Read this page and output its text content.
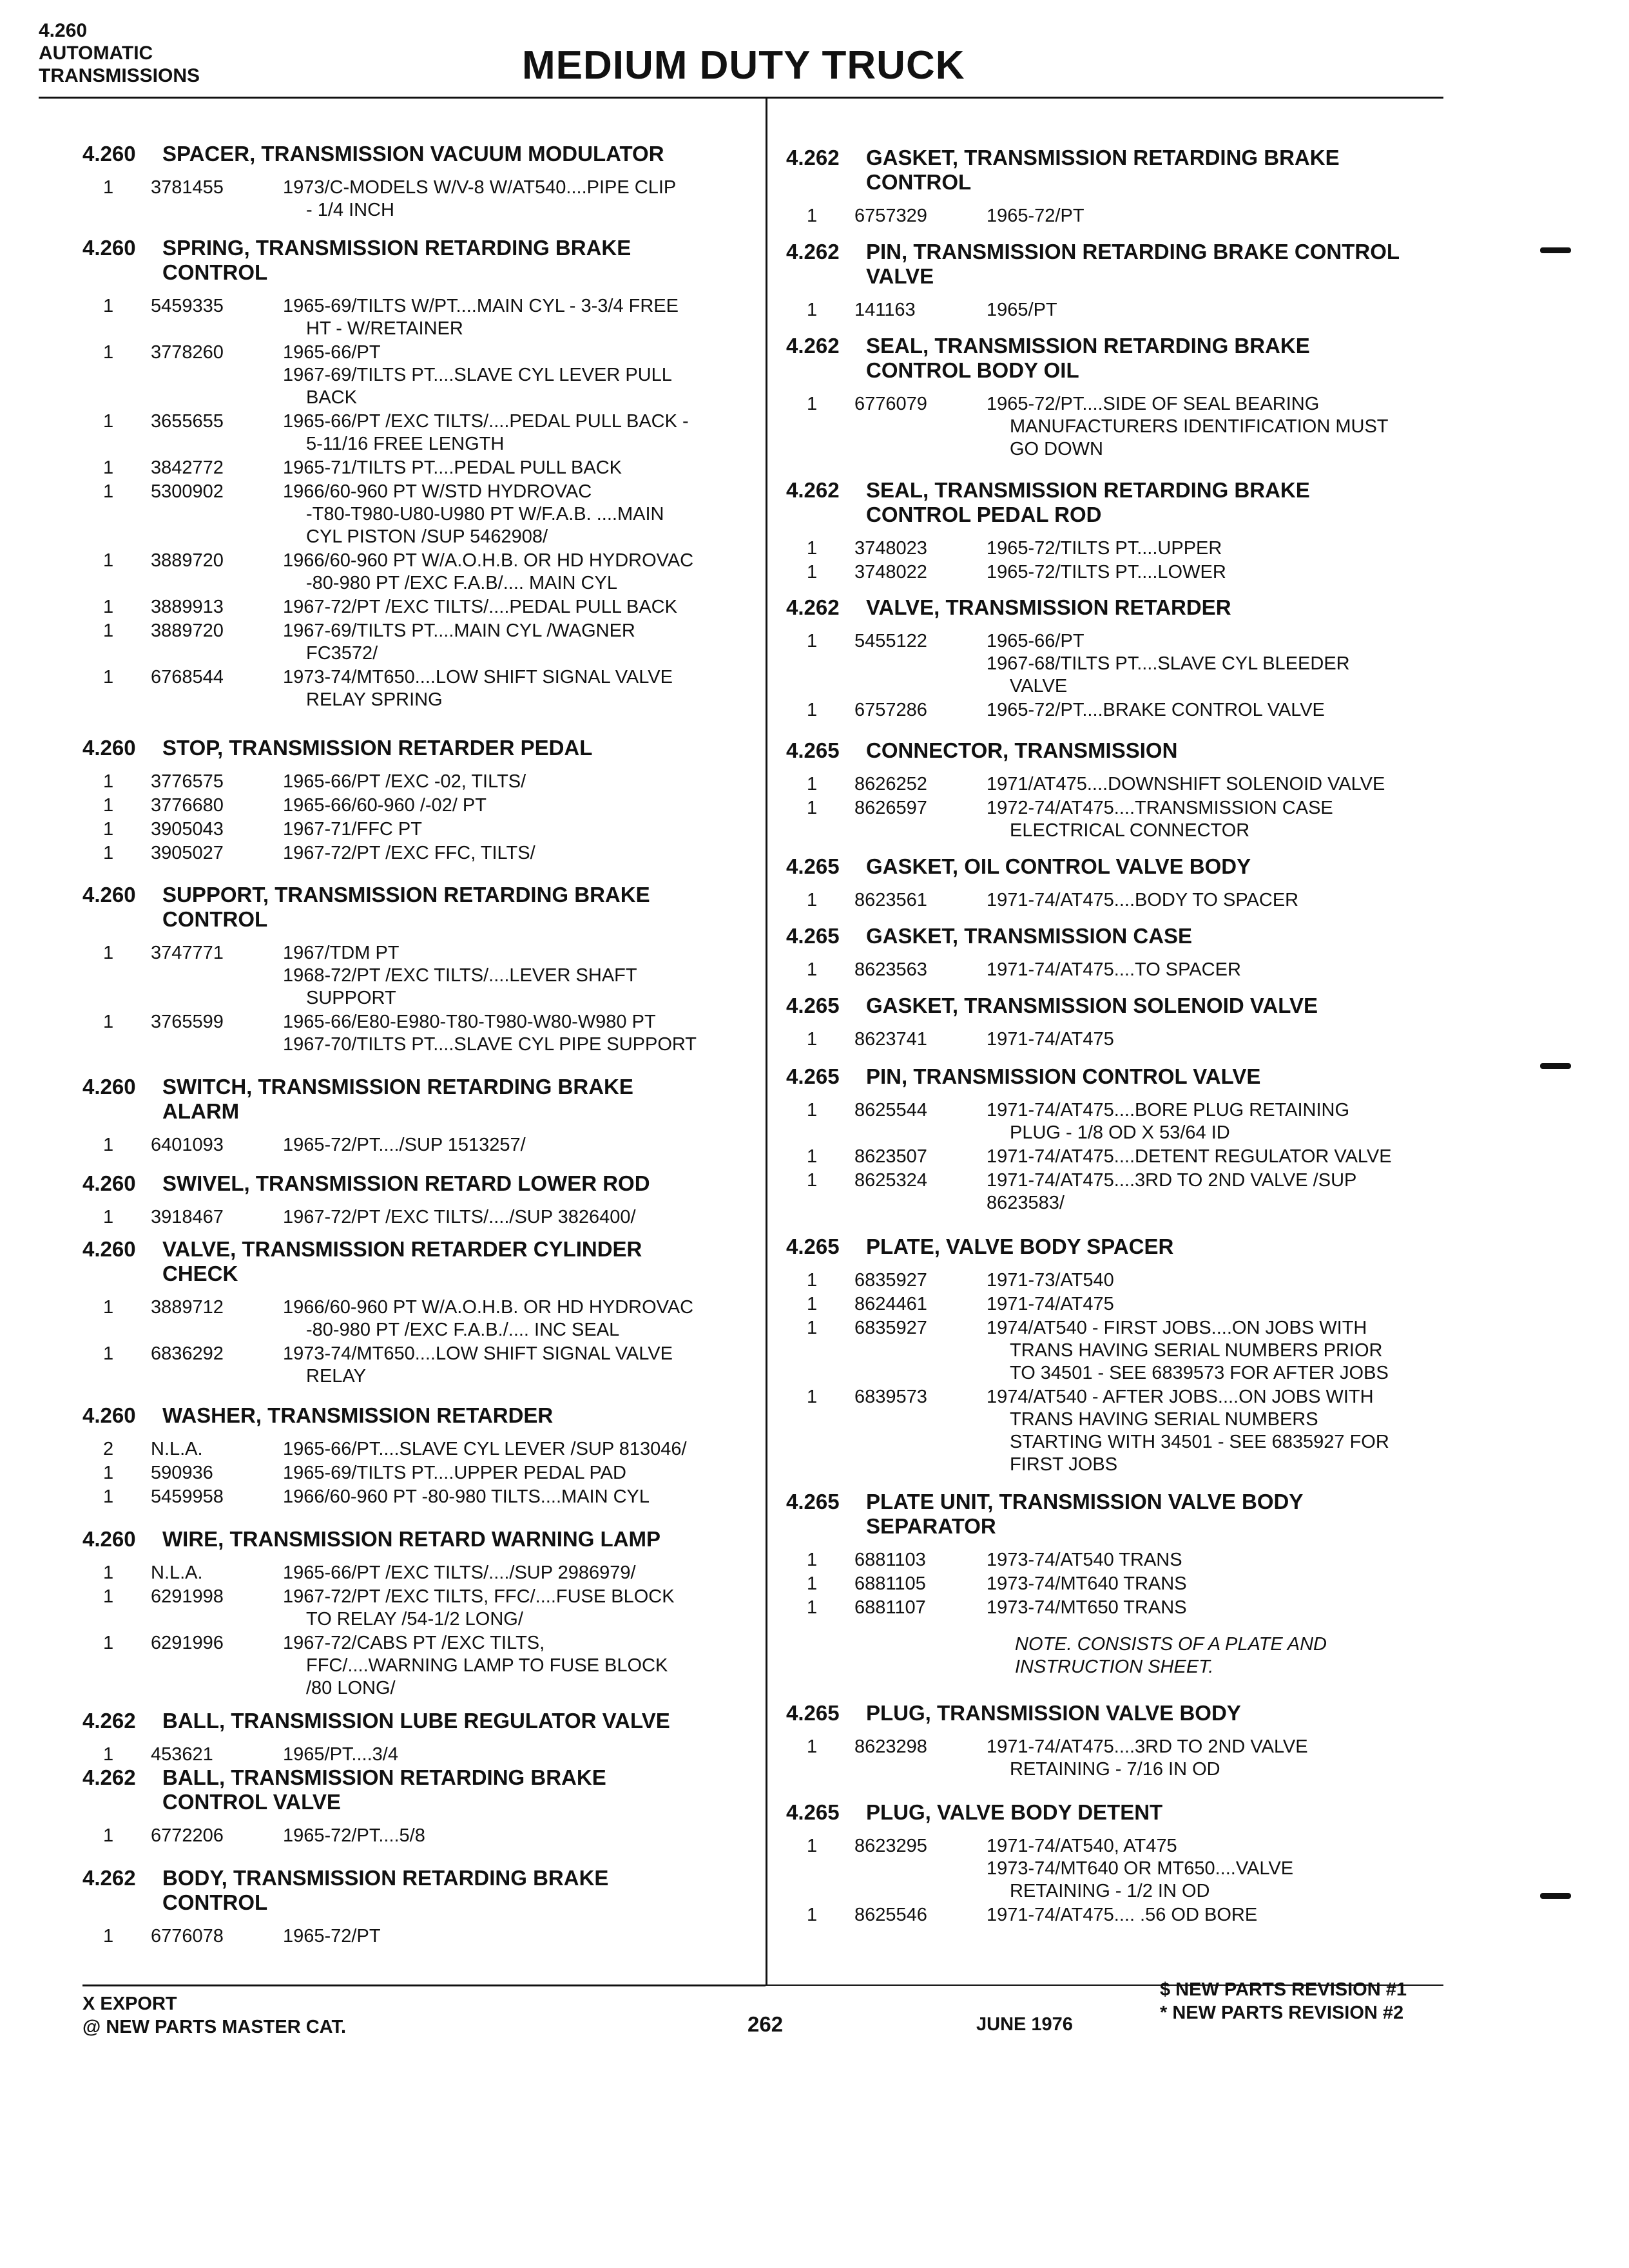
4.260
AUTOMATIC
TRANSMISSIONS	MEDIUM DUTY TRUCK
4.260	SPACER, TRANSMISSION VACUUM MODULATOR
1	3781455	1973/C-MODELS W/V-8 W/AT540....PIPE CLIP
- 1/4 INCH
4.260	SPRING, TRANSMISSION RETARDING BRAKE
CONTROL
1	5459335	1965-69/TILTS W/PT....MAIN CYL - 3-3/4 FREE
HT - W/RETAINER
1	3778260	1965-66/PT
1967-69/TILTS PT....SLAVE CYL LEVER PULL
BACK
1	3655655	1965-66/PT /EXC TILTS/....PEDAL PULL BACK -
5-11/16 FREE LENGTH
1	3842772	1965-71/TILTS PT....PEDAL PULL BACK
1	5300902	1966/60-960 PT W/STD HYDROVAC
-T80-T980-U80-U980 PT W/F.A.B. ....MAIN
CYL PISTON /SUP 5462908/
1	3889720	1966/60-960 PT W/A.O.H.B. OR HD HYDROVAC
-80-980 PT /EXC F.A.B/.... MAIN CYL
1	3889913	1967-72/PT /EXC TILTS/....PEDAL PULL BACK
1	3889720	1967-69/TILTS PT....MAIN CYL /WAGNER
FC3572/
1	6768544	1973-74/MT650....LOW SHIFT SIGNAL VALVE
RELAY SPRING
4.260	STOP, TRANSMISSION RETARDER PEDAL
1	3776575	1965-66/PT /EXC -02, TILTS/
1	3776680	1965-66/60-960 /-02/ PT
1	3905043	1967-71/FFC PT
1	3905027	1967-72/PT /EXC FFC, TILTS/
4.260	SUPPORT, TRANSMISSION RETARDING BRAKE
CONTROL
1	3747771	1967/TDM PT
1968-72/PT /EXC TILTS/....LEVER SHAFT
SUPPORT
1	3765599	1965-66/E80-E980-T80-T980-W80-W980 PT
1967-70/TILTS PT....SLAVE CYL PIPE SUPPORT
4.260	SWITCH, TRANSMISSION RETARDING BRAKE
ALARM
1	6401093	1965-72/PT..../SUP 1513257/
4.260	SWIVEL, TRANSMISSION RETARD LOWER ROD
1	3918467	1967-72/PT /EXC TILTS/..../SUP 3826400/
4.260	VALVE, TRANSMISSION RETARDER CYLINDER
CHECK
1	3889712	1966/60-960 PT W/A.O.H.B. OR HD HYDROVAC
-80-980 PT /EXC F.A.B./.... INC SEAL
1	6836292	1973-74/MT650....LOW SHIFT SIGNAL VALVE
RELAY
4.260	WASHER, TRANSMISSION RETARDER
2	N.L.A.	1965-66/PT....SLAVE CYL LEVER /SUP 813046/
1	590936	1965-69/TILTS PT....UPPER PEDAL PAD
1	5459958	1966/60-960 PT -80-980 TILTS....MAIN CYL
4.260	WIRE, TRANSMISSION RETARD WARNING LAMP
1	N.L.A.	1965-66/PT /EXC TILTS/..../SUP 2986979/
1	6291998	1967-72/PT /EXC TILTS, FFC/....FUSE BLOCK
TO RELAY /54-1/2 LONG/
1	6291996	1967-72/CABS PT /EXC TILTS,
FFC/....WARNING LAMP TO FUSE BLOCK
/80 LONG/
4.262	BALL, TRANSMISSION LUBE REGULATOR VALVE
1	453621	1965/PT....3/4
4.262	BALL, TRANSMISSION RETARDING BRAKE
CONTROL VALVE
1	6772206	1965-72/PT....5/8
4.262	BODY, TRANSMISSION RETARDING BRAKE
CONTROL
1	6776078	1965-72/PT
4.262	GASKET, TRANSMISSION RETARDING BRAKE
CONTROL
1	6757329	1965-72/PT
4.262	PIN, TRANSMISSION RETARDING BRAKE CONTROL
VALVE
1	141163	1965/PT
4.262	SEAL, TRANSMISSION RETARDING BRAKE
CONTROL BODY OIL
1	6776079	1965-72/PT....SIDE OF SEAL BEARING
MANUFACTURERS IDENTIFICATION MUST
GO DOWN
4.262	SEAL, TRANSMISSION RETARDING BRAKE
CONTROL PEDAL ROD
1	3748023	1965-72/TILTS PT....UPPER
1	3748022	1965-72/TILTS PT....LOWER
4.262	VALVE, TRANSMISSION RETARDER
1	5455122	1965-66/PT
1967-68/TILTS PT....SLAVE CYL BLEEDER
VALVE
1	6757286	1965-72/PT....BRAKE CONTROL VALVE
4.265	CONNECTOR, TRANSMISSION
1	8626252	1971/AT475....DOWNSHIFT SOLENOID VALVE
1	8626597	1972-74/AT475....TRANSMISSION CASE
ELECTRICAL CONNECTOR
4.265	GASKET, OIL CONTROL VALVE BODY
1	8623561	1971-74/AT475....BODY TO SPACER
4.265	GASKET, TRANSMISSION CASE
1	8623563	1971-74/AT475....TO SPACER
4.265	GASKET, TRANSMISSION SOLENOID VALVE
1	8623741	1971-74/AT475
4.265	PIN, TRANSMISSION CONTROL VALVE
1	8625544	1971-74/AT475....BORE PLUG RETAINING
PLUG - 1/8 OD X 53/64 ID
1	8623507	1971-74/AT475....DETENT REGULATOR VALVE
1	8625324	1971-74/AT475....3RD TO 2ND VALVE /SUP
8623583/
4.265	PLATE, VALVE BODY SPACER
1	6835927	1971-73/AT540
1	8624461	1971-74/AT475
1	6835927	1974/AT540 - FIRST JOBS....ON JOBS WITH
TRANS HAVING SERIAL NUMBERS PRIOR
TO 34501 - SEE 6839573 FOR AFTER JOBS
1	6839573	1974/AT540 - AFTER JOBS....ON JOBS WITH
TRANS HAVING SERIAL NUMBERS
STARTING WITH 34501 - SEE 6835927 FOR
FIRST JOBS
4.265	PLATE UNIT, TRANSMISSION VALVE BODY
SEPARATOR
1	6881103	1973-74/AT540 TRANS
1	6881105	1973-74/MT640 TRANS
1	6881107	1973-74/MT650 TRANS
NOTE. CONSISTS OF A PLATE AND
INSTRUCTION SHEET.
4.265	PLUG, TRANSMISSION VALVE BODY
1	8623298	1971-74/AT475....3RD TO 2ND VALVE
RETAINING - 7/16 IN OD
4.265	PLUG, VALVE BODY DETENT
1	8623295	1971-74/AT540, AT475
1973-74/MT640 OR MT650....VALVE
RETAINING - 1/2 IN OD
1	8625546	1971-74/AT475.... .56 OD BORE
X EXPORT
@ NEW PARTS MASTER CAT.	262	JUNE 1976
$ NEW PARTS REVISION #1
* NEW PARTS REVISION #2
